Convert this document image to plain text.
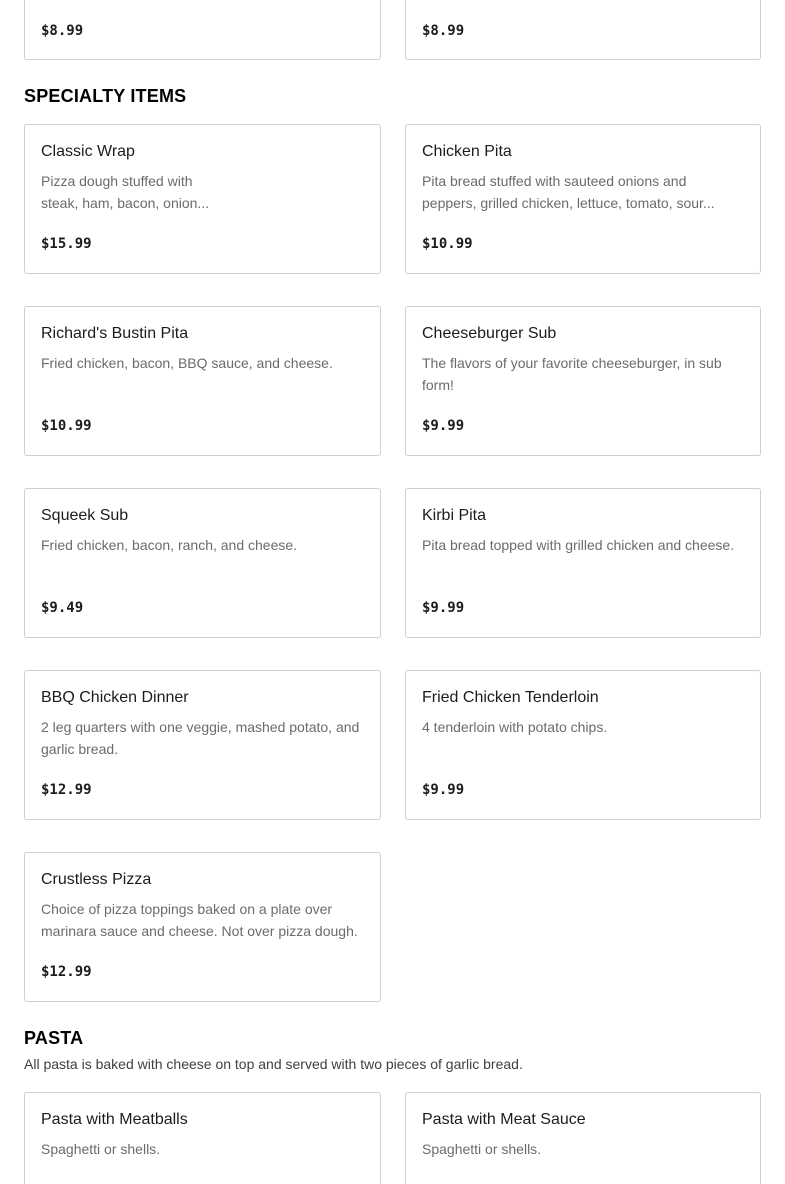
$8.99	$8.99
SPECIALTY ITEMS
Classic Wrap
Pizza dough stuffed with steak, ham, bacon, onion...
$15.99
Chicken Pita
Pita bread stuffed with sauteed onions and peppers, grilled chicken, lettuce, tomato, sour...
$10.99
Richard's Bustin Pita
Fried chicken, bacon, BBQ sauce, and cheese.
$10.99
Cheeseburger Sub
The flavors of your favorite cheeseburger, in sub form!
$9.99
Squeek Sub
Fried chicken, bacon, ranch, and cheese.
$9.49
Kirbi Pita
Pita bread topped with grilled chicken and cheese.
$9.99
BBQ Chicken Dinner
2 leg quarters with one veggie, mashed potato, and garlic bread.
$12.99
Fried Chicken Tenderloin
4 tenderloin with potato chips.
$9.99
Crustless Pizza
Choice of pizza toppings baked on a plate over marinara sauce and cheese. Not over pizza dough.
$12.99
PASTA
All pasta is baked with cheese on top and served with two pieces of garlic bread.
Pasta with Meatballs
Spaghetti or shells.
Pasta with Meat Sauce
Spaghetti or shells.
